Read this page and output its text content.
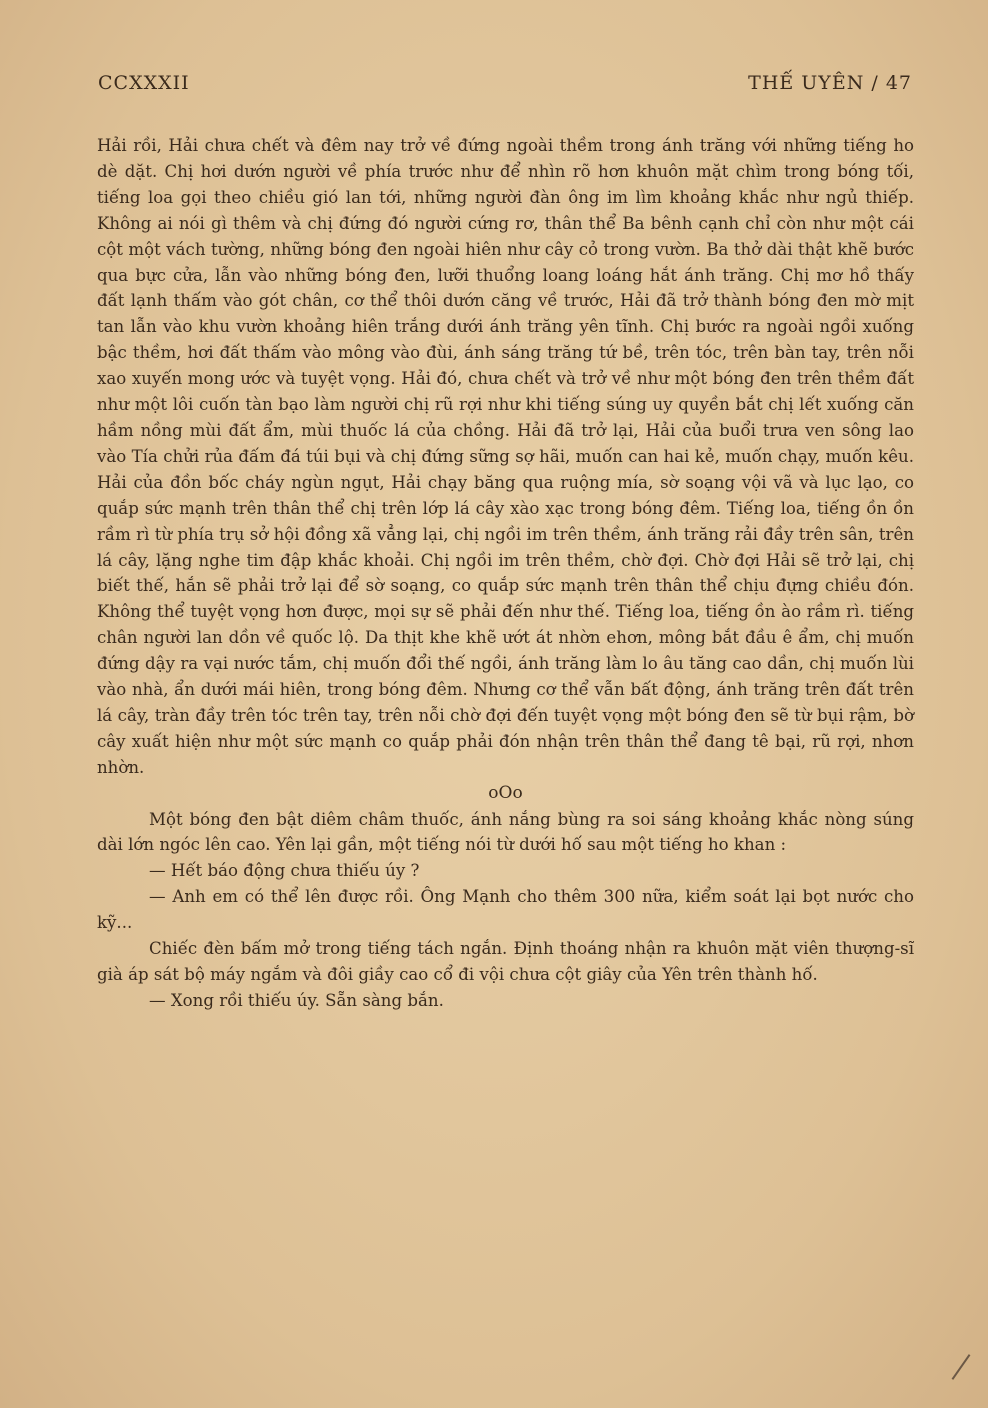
CCXXXII	THẾ UYÊN / 47

Hải rồi, Hải chưa chết và đêm nay trở về đứng ngoài thềm trong ánh trăng với những tiếng ho dè dặt. Chị hơi dướn người về phía trước như để nhìn rõ hơn khuôn mặt chìm trong bóng tối, tiếng loa gọi theo chiều gió lan tới, những người đàn ông im lìm khoảng khắc như ngủ thiếp. Không ai nói gì thêm và chị đứng đó người cứng rơ, thân thể Ba bênh cạnh chỉ còn như một cái cột một vách tường, những bóng đen ngoài hiên như cây cỏ trong vườn. Ba thở dài thật khẽ bước qua bực cửa, lẫn vào những bóng đen, lưỡi thuổng loang loáng hắt ánh trăng. Chị mơ hồ thấy đất lạnh thấm vào gót chân, cơ thể thôi dướn căng về trước, Hải đã trở thành bóng đen mờ mịt tan lẫn vào khu vườn khoảng hiên trắng dưới ánh trăng yên tĩnh. Chị bước ra ngoài ngồi xuống bậc thềm, hơi đất thấm vào mông vào đùi, ánh sáng trăng tứ bề, trên tóc, trên bàn tay, trên nỗi xao xuyến mong ước và tuyệt vọng. Hải đó, chưa chết và trở về như một bóng đen trên thềm đất như một lôi cuốn tàn bạo làm người chị rũ rợi như khi tiếng súng uy quyền bắt chị lết xuống căn hầm nồng mùi đất ẩm, mùi thuốc lá của chồng. Hải đã trở lại, Hải của buổi trưa ven sông lao vào Tía chửi rủa đấm đá túi bụi và chị đứng sững sợ hãi, muốn can hai kẻ, muốn chạy, muốn kêu. Hải của đồn bốc cháy ngùn ngụt, Hải chạy băng qua ruộng mía, sờ soạng vội vã và lục lạo, co quắp sức mạnh trên thân thể chị trên lớp lá cây xào xạc trong bóng đêm. Tiếng loa, tiếng ồn ồn rầm rì từ phía trụ sở hội đồng xã vẳng lại, chị ngồi im trên thềm, ánh trăng rải đầy trên sân, trên lá cây, lặng nghe tim đập khắc khoải. Chị ngồi im trên thềm, chờ đợi. Chờ đợi Hải sẽ trở lại, chị biết thế, hắn sẽ phải trở lại để sờ soạng, co quắp sức mạnh trên thân thể chịu đựng chiều đón. Không thể tuyệt vọng hơn được, mọi sự sẽ phải đến như thế. Tiếng loa, tiếng ồn ào rầm rì. tiếng chân người lan dồn về quốc lộ. Da thịt khe khẽ ướt át nhờn ehơn, mông bắt đầu ê ẩm, chị muốn đứng dậy ra vại nước tắm, chị muốn đổi thế ngồi, ánh trăng làm lo âu tăng cao dần, chị muốn lùi vào nhà, ẩn dưới mái hiên, trong bóng đêm. Nhưng cơ thể vẫn bất động, ánh trăng trên đất trên lá cây, tràn đầy trên tóc trên tay, trên nỗi chờ đợi đến tuyệt vọng một bóng đen sẽ từ bụi rậm, bờ cây xuất hiện như một sức mạnh co quắp phải đón nhận trên thân thể đang tê bại, rũ rợi, nhơn nhờn.

oOo

Một bóng đen bật diêm châm thuốc, ánh nắng bùng ra soi sáng khoảng khắc nòng súng dài lớn ngóc lên cao. Yên lại gần, một tiếng nói từ dưới hố sau một tiếng ho khan :

— Hết báo động chưa thiếu úy ?

— Anh em có thể lên được rồi. Ông Mạnh cho thêm 300 nữa, kiểm soát lại bọt nước cho kỹ...

Chiếc đèn bấm mở trong tiếng tách ngắn. Định thoáng nhận ra khuôn mặt viên thượng-sĩ già áp sát bộ máy ngắm và đôi giầy cao cổ đi vội chưa cột giây của Yên trên thành hố.

— Xong rồi thiếu úy. Sẵn sàng bắn.
